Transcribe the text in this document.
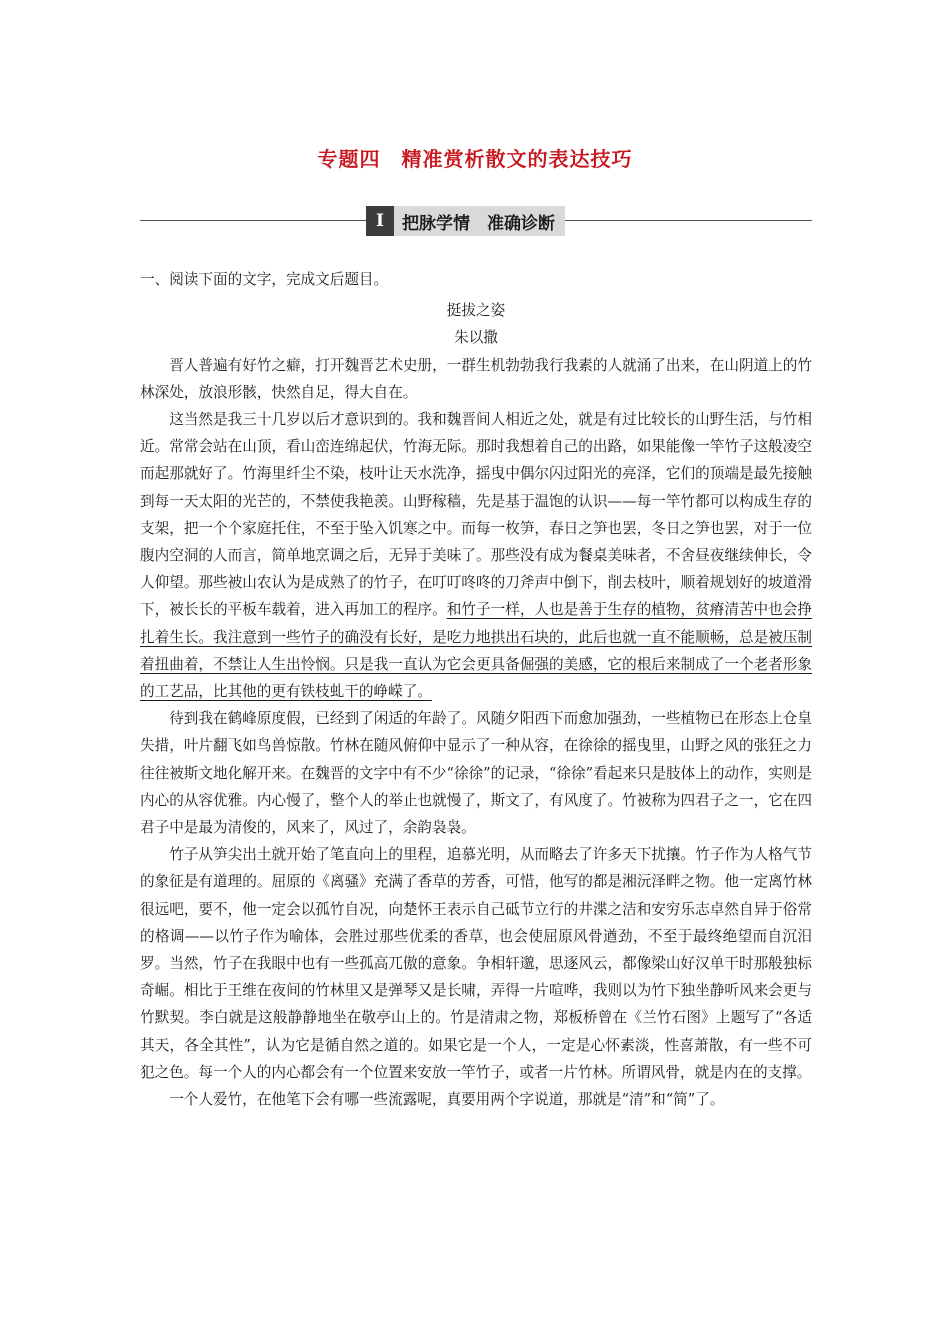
专题四　精准赏析散文的表达技巧
I	把脉学情　准确诊断

一、阅读下面的文字，完成文后题目。

挺拔之姿

朱以撒

晋人普遍有好竹之癖，打开魏晋艺术史册，一群生机勃勃我行我素的人就涌了出来，在山阴道上的竹林深处，放浪形骸，快然自足，得大自在。

这当然是我三十几岁以后才意识到的。我和魏晋间人相近之处，就是有过比较长的山野生活，与竹相近。常常会站在山顶，看山峦连绵起伏，竹海无际。那时我想着自己的出路，如果能像一竿竹子这般凌空而起那就好了。竹海里纤尘不染，枝叶让天水洗净，摇曳中偶尔闪过阳光的亮泽，它们的顶端是最先接触到每一天太阳的光芒的，不禁使我艳羡。山野稼穑，先是基于温饱的认识——每一竿竹都可以构成生存的支架，把一个个家庭托住，不至于坠入饥寒之中。而每一枚笋，春日之笋也罢，冬日之笋也罢，对于一位腹内空洞的人而言，简单地烹调之后，无异于美味了。那些没有成为餐桌美味者，不舍昼夜继续伸长，令人仰望。那些被山农认为是成熟了的竹子，在叮叮咚咚的刀斧声中倒下，削去枝叶，顺着规划好的坡道滑下，被长长的平板车载着，进入再加工的程序。和竹子一样，人也是善于生存的植物，贫瘠清苦中也会挣扎着生长。我注意到一些竹子的确没有长好，是吃力地拱出石块的，此后也就一直不能顺畅，总是被压制着扭曲着，不禁让人生出怜悯。只是我一直认为它会更具备倔强的美感，它的根后来制成了一个老者形象的工艺品，比其他的更有铁枝虬干的峥嵘了。

待到我在鹤峰原度假，已经到了闲适的年龄了。风随夕阳西下而愈加强劲，一些植物已在形态上仓皇失措，叶片翻飞如鸟兽惊散。竹林在随风俯仰中显示了一种从容，在徐徐的摇曳里，山野之风的张狂之力往往被斯文地化解开来。在魏晋的文字中有不少“徐徐”的记录，“徐徐”看起来只是肢体上的动作，实则是内心的从容优雅。内心慢了，整个人的举止也就慢了，斯文了，有风度了。竹被称为四君子之一，它在四君子中是最为清俊的，风来了，风过了，余韵袅袅。

竹子从笋尖出土就开始了笔直向上的里程，追慕光明，从而略去了许多天下扰攘。竹子作为人格气节的象征是有道理的。屈原的《离骚》充满了香草的芳香，可惜，他写的都是湘沅泽畔之物。他一定离竹林很远吧，要不，他一定会以孤竹自况，向楚怀王表示自己砥节立行的井渫之洁和安穷乐志卓然自异于俗常的格调——以竹子作为喻体，会胜过那些优柔的香草，也会使屈原风骨遒劲，不至于最终绝望而自沉汨罗。当然，竹子在我眼中也有一些孤高兀傲的意象。争相轩邈，思逐风云，都像梁山好汉单干时那般独标奇崛。相比于王维在夜间的竹林里又是弹琴又是长啸，弄得一片喧哗，我则以为竹下独坐静听风来会更与竹默契。李白就是这般静静地坐在敬亭山上的。竹是清肃之物，郑板桥曾在《兰竹石图》上题写了“各适其天，各全其性”，认为它是循自然之道的。如果它是一个人，一定是心怀素淡，性喜萧散，有一些不可犯之色。每一个人的内心都会有一个位置来安放一竿竹子，或者一片竹林。所谓风骨，就是内在的支撑。

一个人爱竹，在他笔下会有哪一些流露呢，真要用两个字说道，那就是“清”和“简”了。
